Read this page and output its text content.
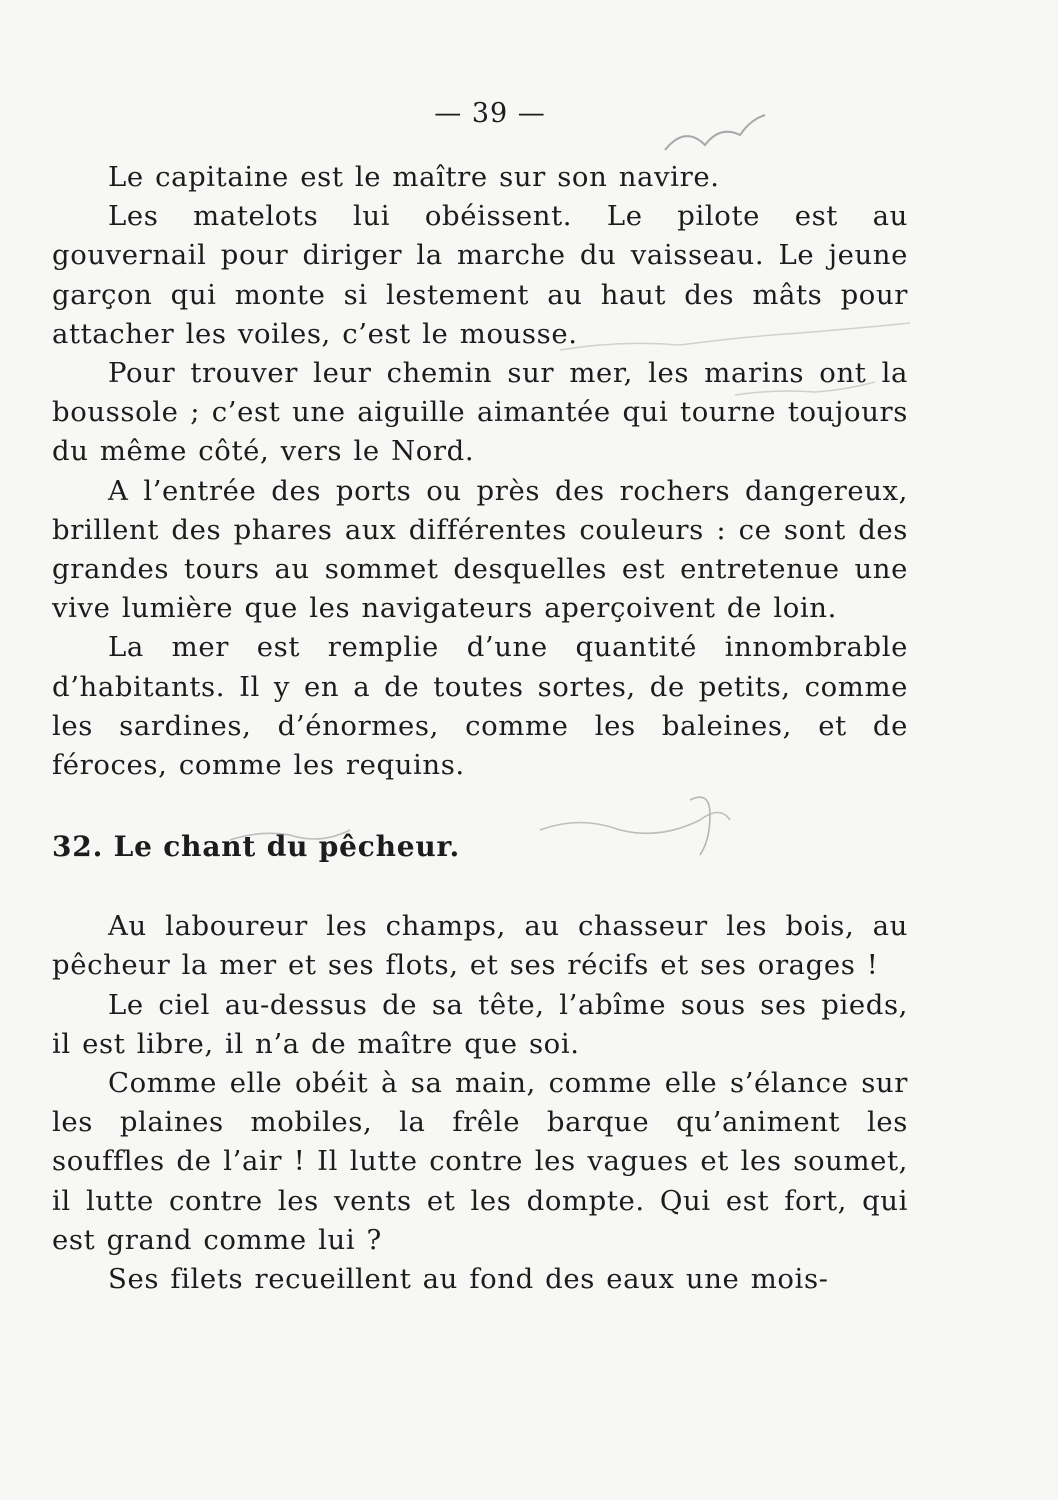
— 39 —

Le capitaine est le maître sur son navire.

Les matelots lui obéissent. Le pilote est au gouvernail pour diriger la marche du vaisseau. Le jeune garçon qui monte si lestement au haut des mâts pour attacher les voiles, c’est le mousse.

Pour trouver leur chemin sur mer, les marins ont la boussole ; c’est une aiguille aimantée qui tourne toujours du même côté, vers le Nord.

A l’entrée des ports ou près des rochers dangereux, brillent des phares aux différentes couleurs : ce sont des grandes tours au sommet desquelles est entretenue une vive lumière que les navigateurs aperçoivent de loin.

La mer est remplie d’une quantité innombrable d’habitants. Il y en a de toutes sortes, de petits, comme les sardines, d’énormes, comme les baleines, et de féroces, comme les requins.

32. Le chant du pêcheur.

Au laboureur les champs, au chasseur les bois, au pêcheur la mer et ses flots, et ses récifs et ses orages !

Le ciel au-dessus de sa tête, l’abîme sous ses pieds, il est libre, il n’a de maître que soi.

Comme elle obéit à sa main, comme elle s’élance sur les plaines mobiles, la frêle barque qu’animent les souffles de l’air ! Il lutte contre les vagues et les soumet, il lutte contre les vents et les dompte. Qui est fort, qui est grand comme lui ?

Ses filets recueillent au fond des eaux une mois-
